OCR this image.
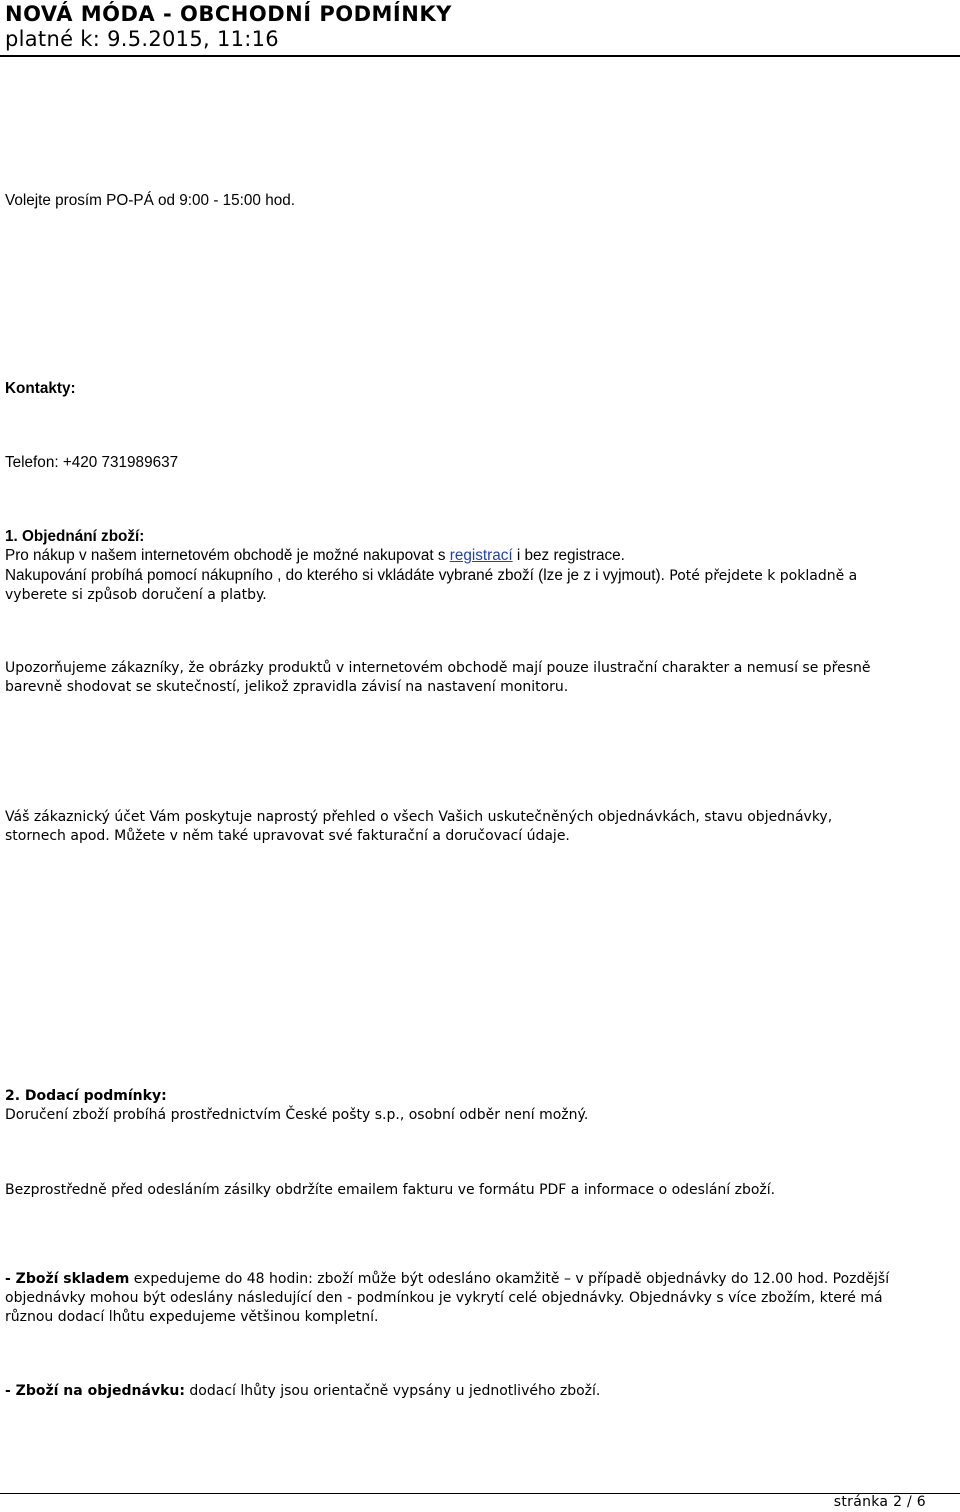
NOVÁ MÓDA - OBCHODNÍ PODMÍNKY
platné k: 9.5.2015, 11:16
Volejte prosím PO-PÁ od 9:00 - 15:00 hod.
Kontakty:
Telefon: +420 731989637
1. Objednání zboží:
Pro nákup v našem internetovém obchodě je možné nakupovat s registrací i bez registrace.
Nakupování probíhá pomocí nákupního , do kterého si vkládáte vybrané zboží (lze je z i vyjmout). Poté přejdete k pokladně a
vyberete si způsob doručení a platby.
Upozorňujeme zákazníky, že obrázky produktů v internetovém obchodě mají pouze ilustrační charakter a nemusí se přesně
barevně shodovat se skutečností, jelikož zpravidla závisí na nastavení monitoru.
Váš zákaznický účet Vám poskytuje naprostý přehled o všech Vašich uskutečněných objednávkách, stavu objednávky,
stornech apod. Můžete v něm také upravovat své fakturační a doručovací údaje.
2. Dodací podmínky:
Doručení zboží probíhá prostřednictvím České pošty s.p., osobní odběr není možný.
Bezprostředně před odesláním zásilky obdržíte emailem fakturu ve formátu PDF a informace o odeslání zboží.
- Zboží skladem expedujeme do 48 hodin: zboží může být odesláno okamžitě – v případě objednávky do 12.00 hod. Pozdější
objednávky mohou být odeslány následující den - podmínkou je vykrytí celé objednávky. Objednávky s více zbožím, které má
různou dodací lhůtu expedujeme většinou kompletní.
- Zboží na objednávku: dodací lhůty jsou orientačně vypsány u jednotlivého zboží.
stránka 2 / 6
